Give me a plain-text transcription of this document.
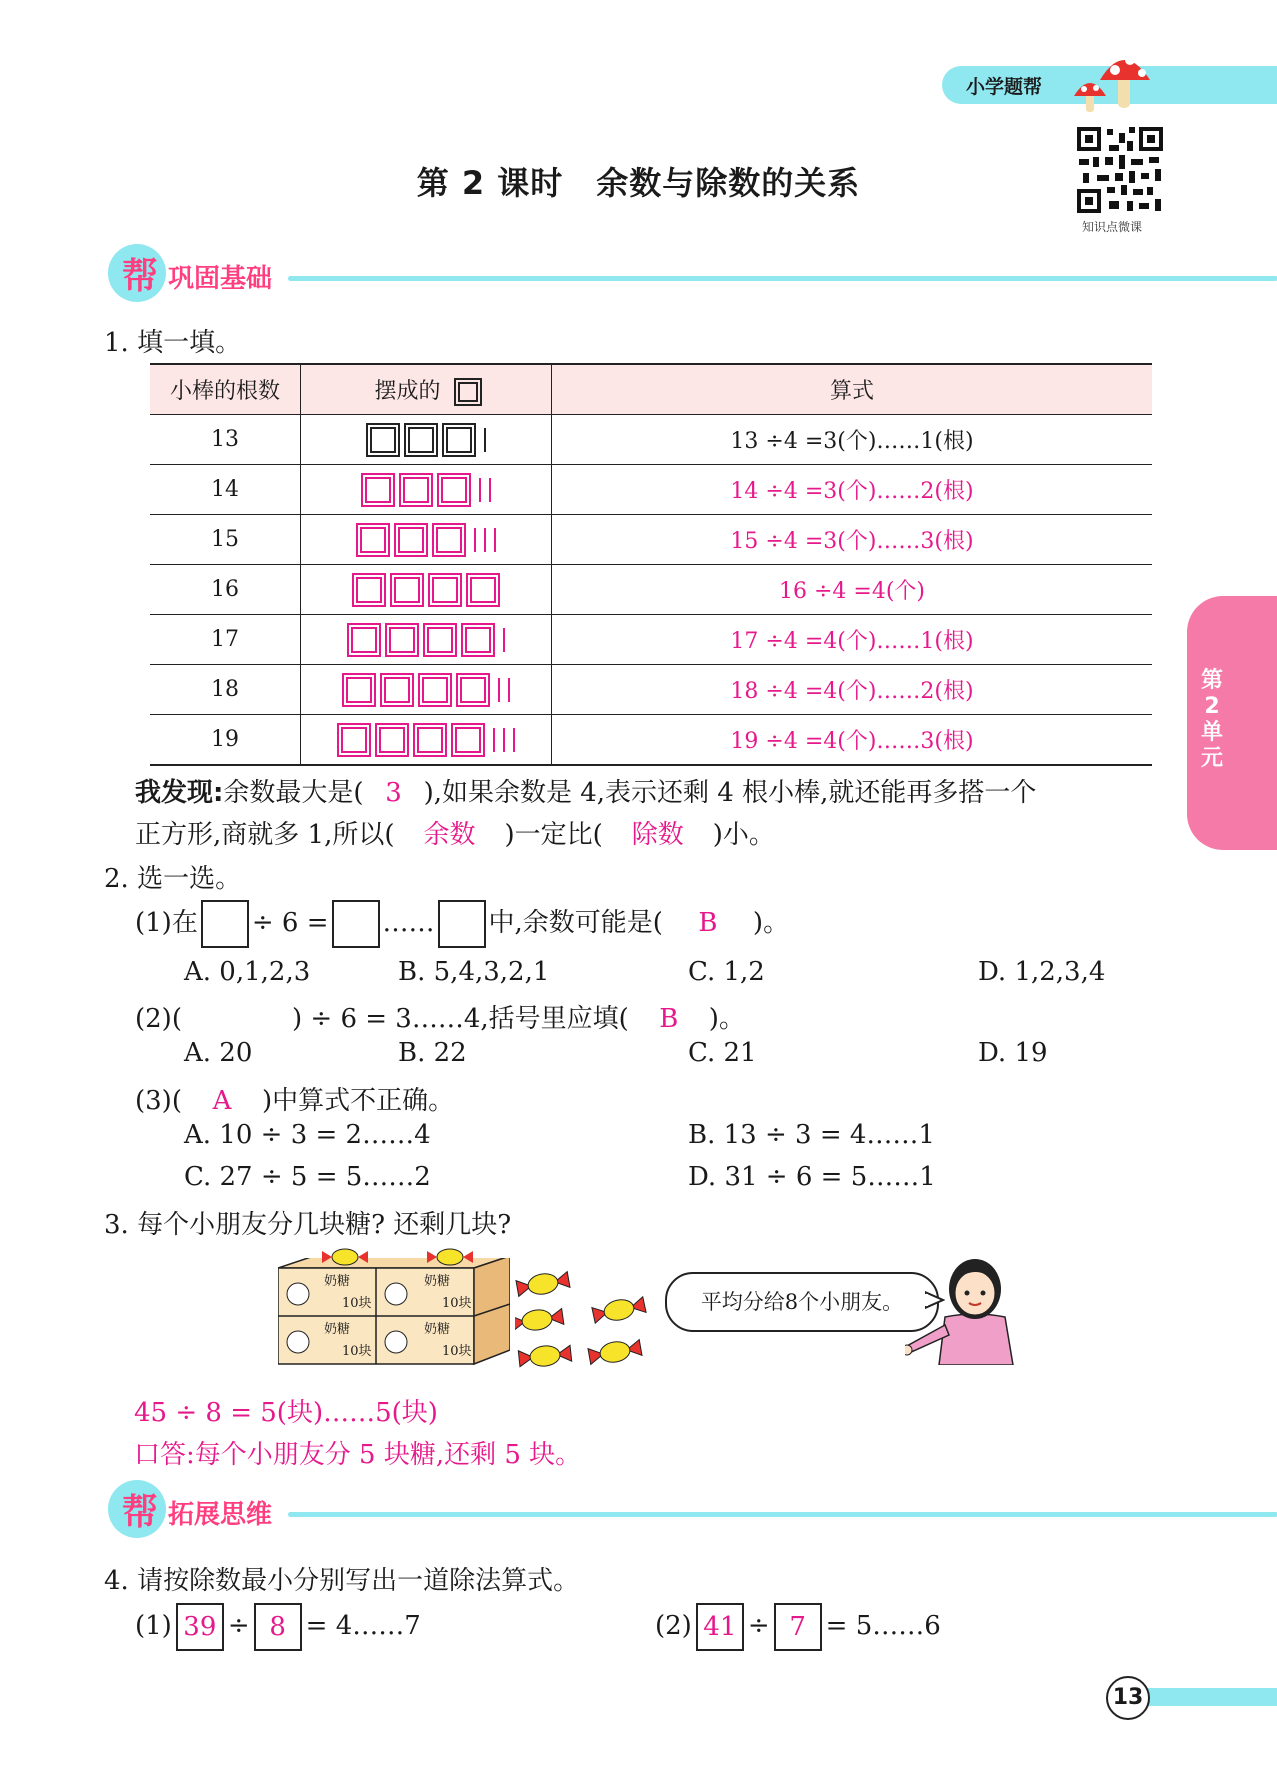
小学题帮
知识点微课
第 2 课时　余数与除数的关系
帮 巩固基础
1. 填一填。
小棒的根数	摆成的	算式
13		13 ÷4 =3(个)……1(根)
14		14 ÷4 =3(个)……2(根)
15		15 ÷4 =3(个)……3(根)
16		16 ÷4 =4(个)
17		17 ÷4 =4(个)……1(根)
18		18 ÷4 =4(个)……2(根)
19		19 ÷4 =4(个)……3(根)
我发现:余数最大是( 3 ),如果余数是 4,表示还剩 4 根小棒,就还能再多搭一个
正方形,商就多 1,所以( 余数 )一定比( 除数 )小。
2. 选一选。
(1)在 ÷ 6 = …… 中,余数可能是( B )。
A. 0,1,2,3	B. 5,4,3,2,1	C. 1,2	D. 1,2,3,4
(2)(	) ÷ 6 = 3……4,括号里应填( B )。
A. 20	B. 22	C. 21	D. 19
(3)( A )中算式不正确。
A. 10 ÷ 3 = 2……4	B. 13 ÷ 3 = 4……1
C. 27 ÷ 5 = 5……2	D. 31 ÷ 6 = 5……1
3. 每个小朋友分几块糖? 还剩几块?
奶糖
10块
奶糖
10块
奶糖
10块
奶糖
10块
平均分给8个小朋友。
45 ÷ 8 = 5(块)……5(块)
口答:每个小朋友分 5 块糖,还剩 5 块。
帮 拓展思维
4. 请按除数最小分别写出一道除法算式。
(1) 39 ÷ 8 = 4……7	(2) 41 ÷ 7 = 5……6
第2单元
13
